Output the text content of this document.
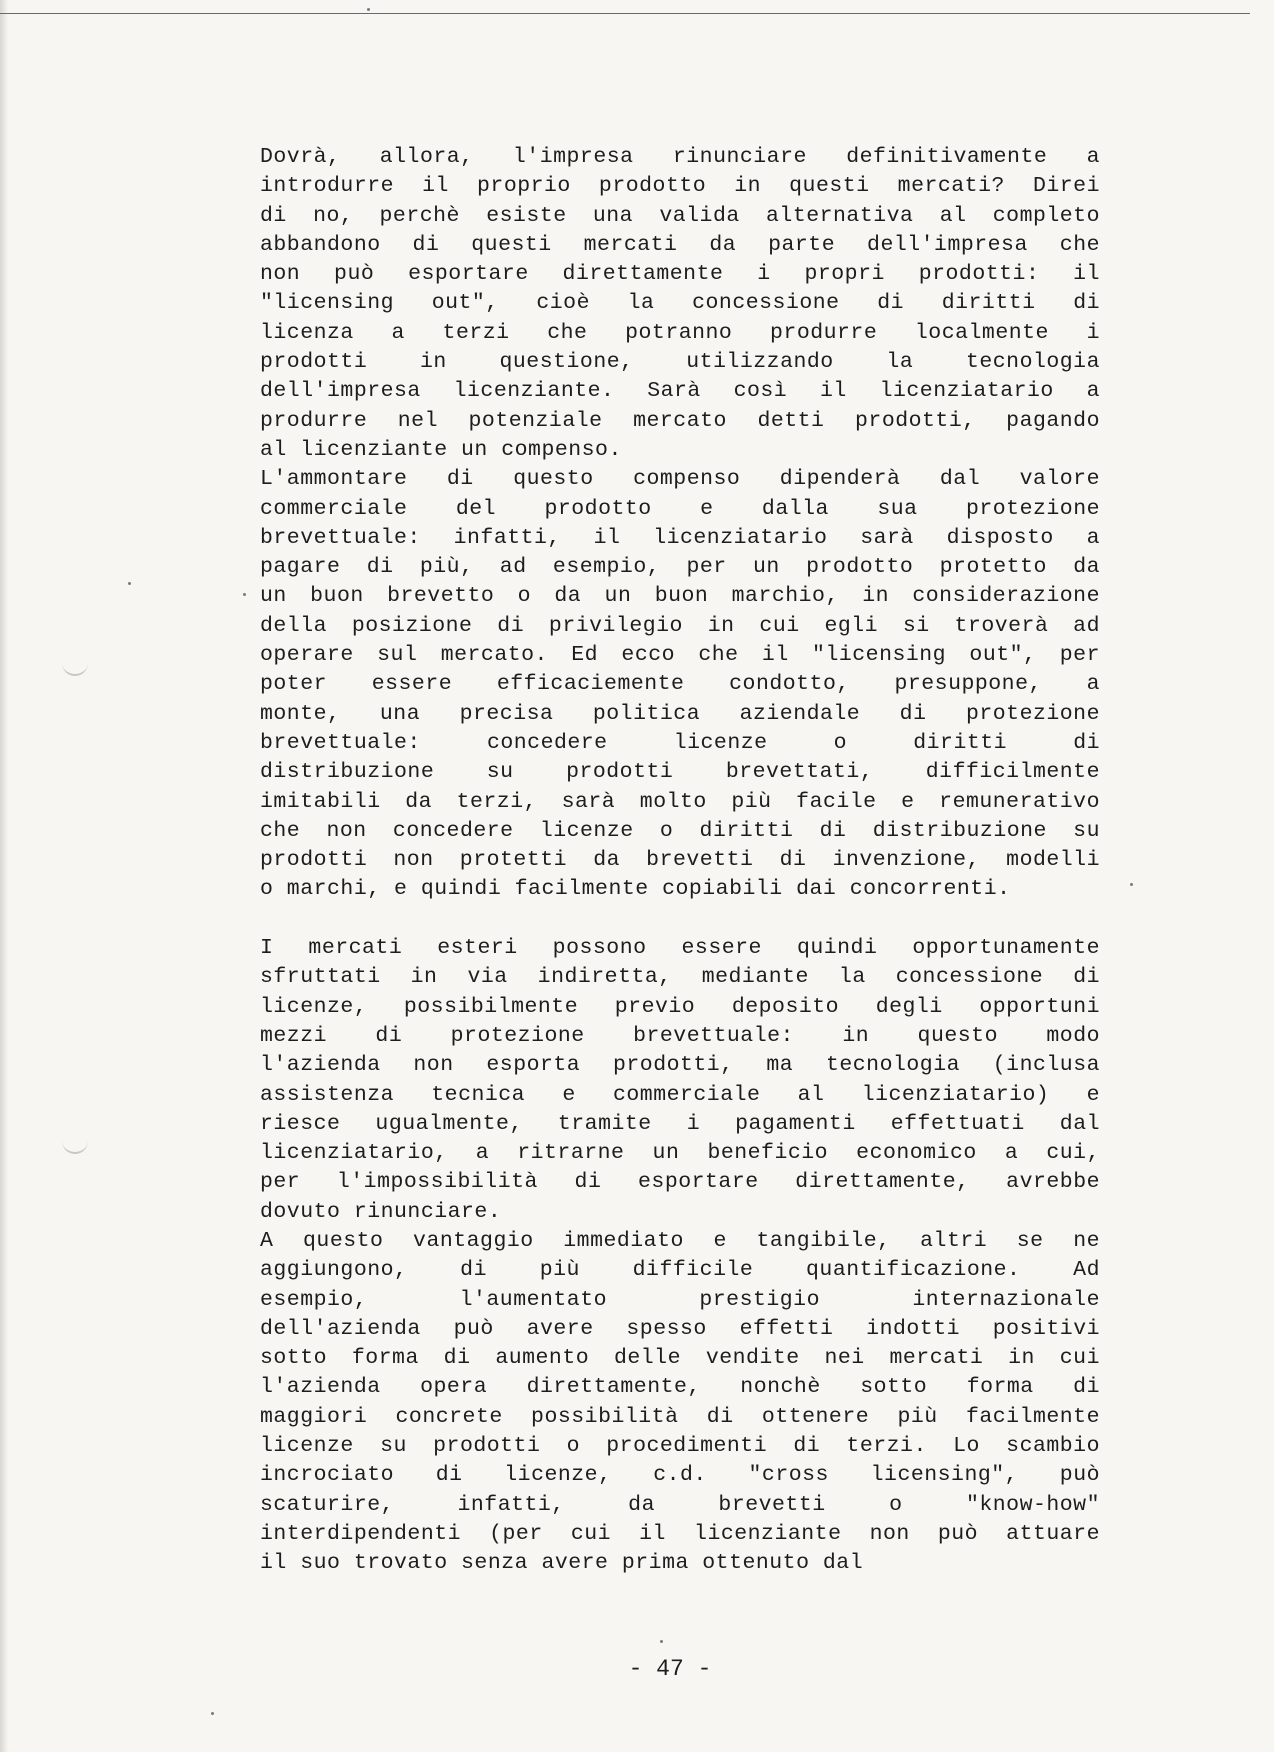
Dovrà, allora, l'impresa rinunciare definitivamente a
introdurre il proprio prodotto in questi mercati? Direi
di no, perchè esiste una valida alternativa al completo
abbandono di questi mercati da parte dell'impresa che
non può esportare direttamente i propri prodotti: il
"licensing out", cioè la concessione di diritti di
licenza a terzi che potranno produrre localmente i
prodotti in questione, utilizzando la tecnologia
dell'impresa licenziante. Sarà così il licenziatario a
produrre nel potenziale mercato detti prodotti, pagando
al licenziante un compenso.
L'ammontare di questo compenso dipenderà dal valore
commerciale del prodotto e dalla sua protezione
brevettuale: infatti, il licenziatario sarà disposto a
pagare di più, ad esempio, per un prodotto protetto da
un buon brevetto o da un buon marchio, in considerazione
della posizione di privilegio in cui egli si troverà ad
operare sul mercato. Ed ecco che il "licensing out", per
poter essere efficaciemente condotto, presuppone, a
monte, una precisa politica aziendale di protezione
brevettuale: concedere licenze o diritti di
distribuzione su prodotti brevettati, difficilmente
imitabili da terzi, sarà molto più facile e remunerativo
che non concedere licenze o diritti di distribuzione su
prodotti non protetti da brevetti di invenzione, modelli
o marchi, e quindi facilmente copiabili dai concorrenti.
I mercati esteri possono essere quindi opportunamente
sfruttati in via indiretta, mediante la concessione di
licenze, possibilmente previo deposito degli opportuni
mezzi di protezione brevettuale: in questo modo
l'azienda non esporta prodotti, ma tecnologia (inclusa
assistenza tecnica e commerciale al licenziatario) e
riesce ugualmente, tramite i pagamenti effettuati dal
licenziatario, a ritrarne un beneficio economico a cui,
per l'impossibilità di esportare direttamente, avrebbe
dovuto rinunciare.
A questo vantaggio immediato e tangibile, altri se ne
aggiungono, di più difficile quantificazione. Ad
esempio, l'aumentato prestigio internazionale
dell'azienda può avere spesso effetti indotti positivi
sotto forma di aumento delle vendite nei mercati in cui
l'azienda opera direttamente, nonchè sotto forma di
maggiori concrete possibilità di ottenere più facilmente
licenze su prodotti o procedimenti di terzi. Lo scambio
incrociato di licenze, c.d. "cross licensing", può
scaturire, infatti, da brevetti o "know-how"
interdipendenti (per cui il licenziante non può attuare
il suo trovato senza avere prima ottenuto dal
- 47 -
